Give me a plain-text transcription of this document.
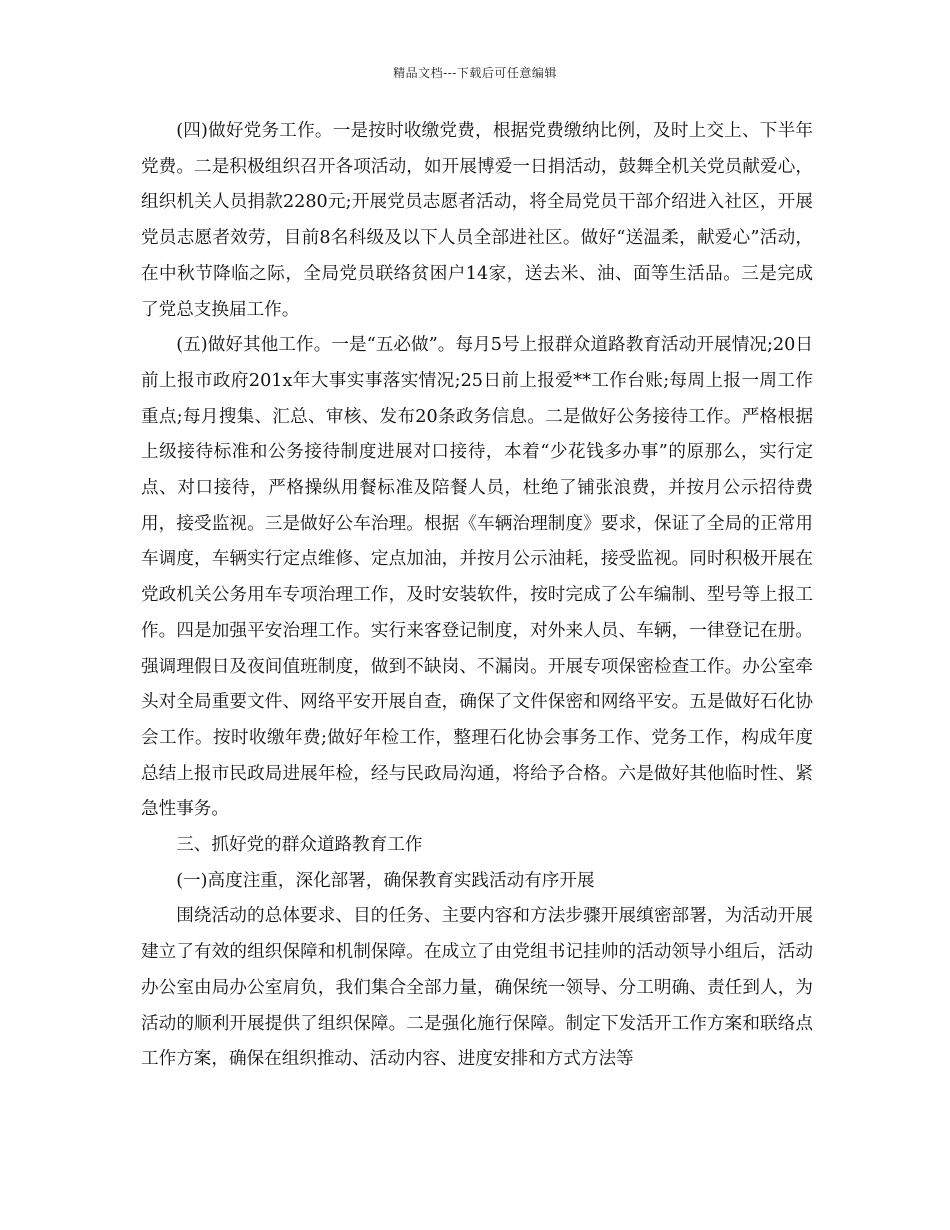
精品文档---下载后可任意编辑

(四)做好党务工作。一是按时收缴党费，根据党费缴纳比例，及时上交上、下半年党费。二是积极组织召开各项活动，如开展博爱一日捐活动，鼓舞全机关党员献爱心，组织机关人员捐款2280元;开展党员志愿者活动，将全局党员干部介绍进入社区，开展党员志愿者效劳，目前8名科级及以下人员全部进社区。做好“送温柔，献爱心”活动，在中秋节降临之际，全局党员联络贫困户14家，送去米、油、面等生活品。三是完成了党总支换届工作。

(五)做好其他工作。一是“五必做”。每月5号上报群众道路教育活动开展情况;20日前上报市政府201x年大事实事落实情况;25日前上报爱**工作台账;每周上报一周工作重点;每月搜集、汇总、审核、发布20条政务信息。二是做好公务接待工作。严格根据上级接待标准和公务接待制度进展对口接待，本着“少花钱多办事”的原那么，实行定点、对口接待，严格操纵用餐标准及陪餐人员，杜绝了铺张浪费，并按月公示招待费用，接受监视。三是做好公车治理。根据《车辆治理制度》要求，保证了全局的正常用车调度，车辆实行定点维修、定点加油，并按月公示油耗，接受监视。同时积极开展在党政机关公务用车专项治理工作，及时安装软件，按时完成了公车编制、型号等上报工作。四是加强平安治理工作。实行来客登记制度，对外来人员、车辆，一律登记在册。强调理假日及夜间值班制度，做到不缺岗、不漏岗。开展专项保密检查工作。办公室牵头对全局重要文件、网络平安开展自查，确保了文件保密和网络平安。五是做好石化协会工作。按时收缴年费;做好年检工作，整理石化协会事务工作、党务工作，构成年度总结上报市民政局进展年检，经与民政局沟通，将给予合格。六是做好其他临时性、紧急性事务。

三、抓好党的群众道路教育工作

(一)高度注重，深化部署，确保教育实践活动有序开展

围绕活动的总体要求、目的任务、主要内容和方法步骤开展缜密部署，为活动开展建立了有效的组织保障和机制保障。在成立了由党组书记挂帅的活动领导小组后，活动办公室由局办公室肩负，我们集合全部力量，确保统一领导、分工明确、责任到人，为活动的顺利开展提供了组织保障。二是强化施行保障。制定下发活开工作方案和联络点工作方案，确保在组织推动、活动内容、进度安排和方式方法等
